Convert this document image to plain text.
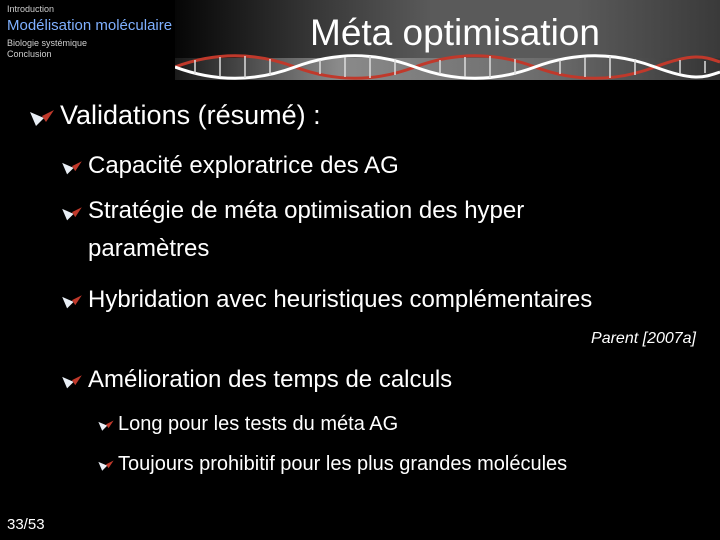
Introduction
Modélisation moléculaire
Biologie systémique
Conclusion
Méta optimisation
Validations (résumé) :
Capacité exploratrice des AG
Stratégie de méta optimisation des hyper paramètres
Hybridation avec heuristiques complémentaires
Parent [2007a]
Amélioration des temps de calculs
Long pour les tests du méta AG
Toujours prohibitif pour les plus grandes molécules
33/53
